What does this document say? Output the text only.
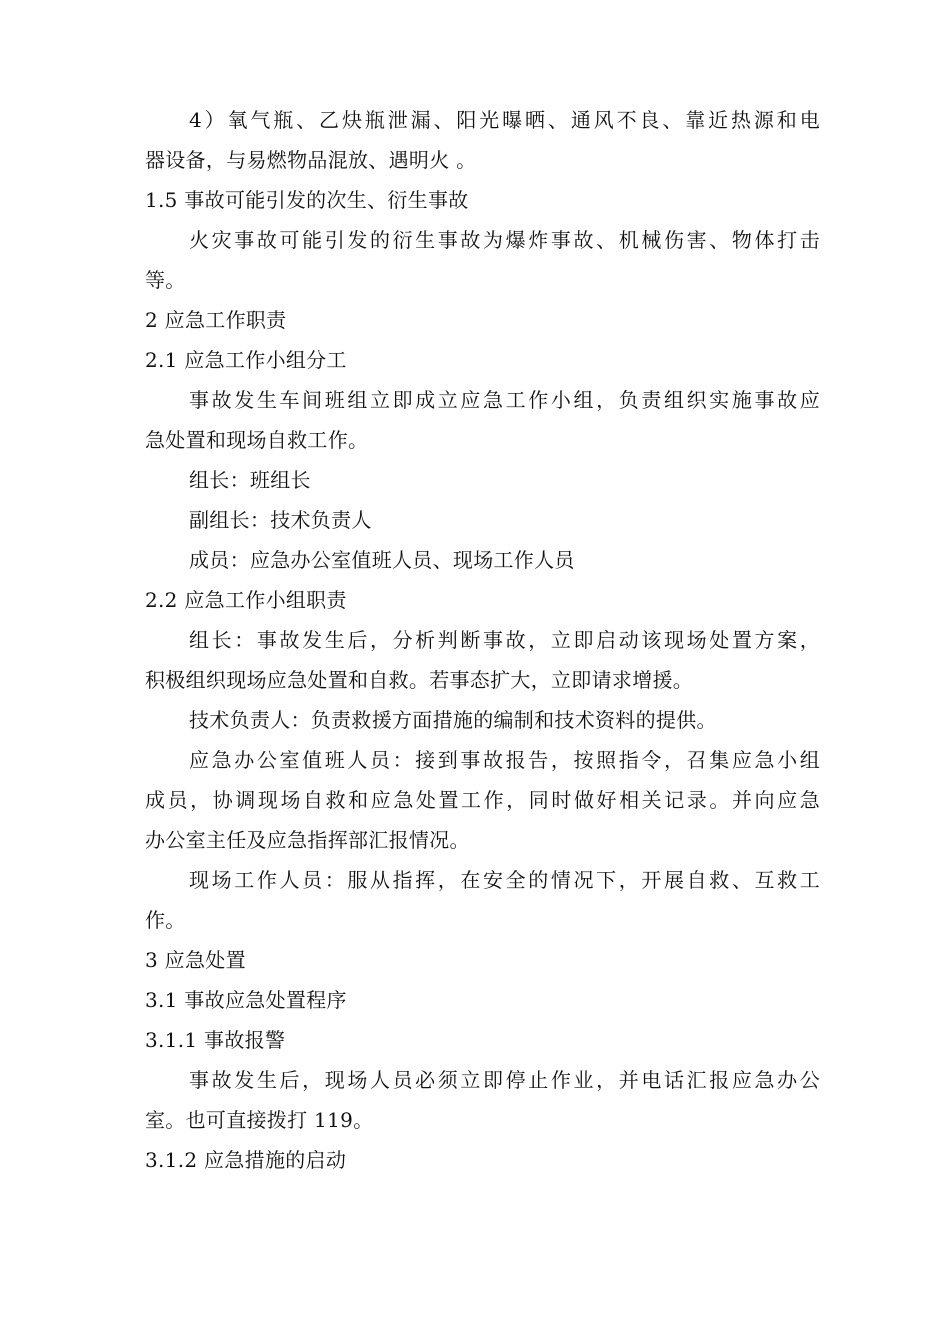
4）氧气瓶、乙炔瓶泄漏、阳光曝晒、通风不良、靠近热源和电
器设备，与易燃物品混放、遇明火 。
1.5 事故可能引发的次生、衍生事故
火灾事故可能引发的衍生事故为爆炸事故、机械伤害、物体打击
等。
2 应急工作职责
2.1 应急工作小组分工
事故发生车间班组立即成立应急工作小组，负责组织实施事故应
急处置和现场自救工作。
组长：班组长
副组长：技术负责人
成员：应急办公室值班人员、现场工作人员
2.2 应急工作小组职责
组长：事故发生后，分析判断事故，立即启动该现场处置方案，
积极组织现场应急处置和自救。若事态扩大，立即请求增援。
技术负责人：负责救援方面措施的编制和技术资料的提供。
应急办公室值班人员：接到事故报告，按照指令，召集应急小组
成员，协调现场自救和应急处置工作，同时做好相关记录。并向应急
办公室主任及应急指挥部汇报情况。
现场工作人员：服从指挥，在安全的情况下，开展自救、互救工
作。
3 应急处置
3.1 事故应急处置程序
3.1.1 事故报警
事故发生后，现场人员必须立即停止作业，并电话汇报应急办公
室。也可直接拨打 119。
3.1.2 应急措施的启动
